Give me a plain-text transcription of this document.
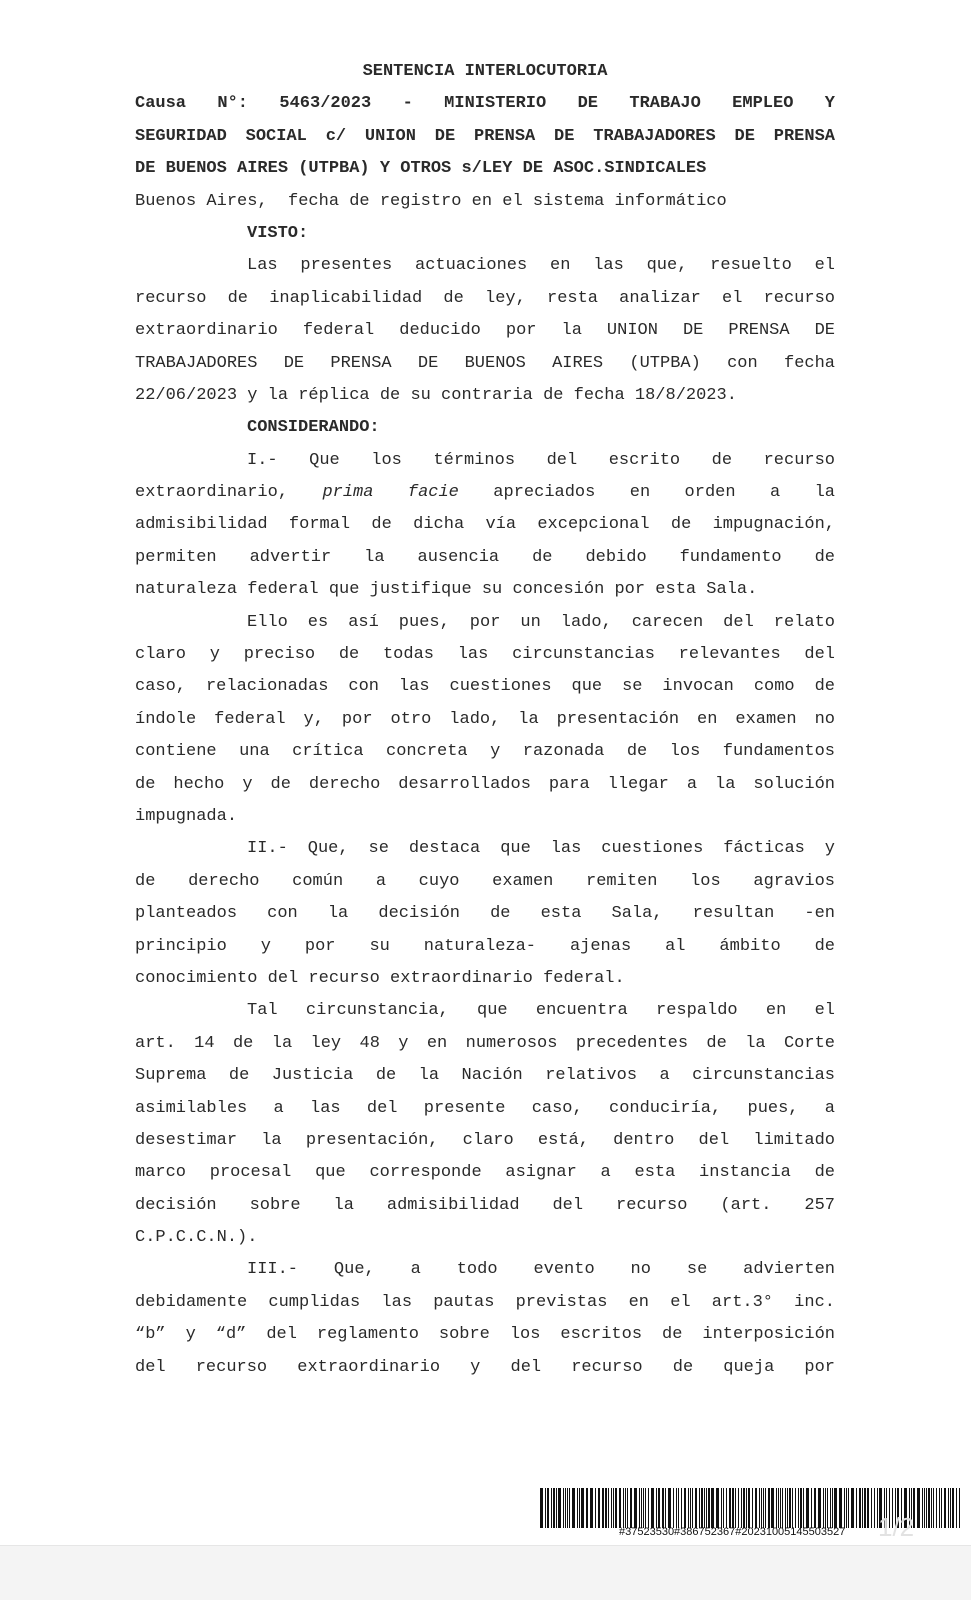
SENTENCIA INTERLOCUTORIA
Causa N°: 5463/2023 - MINISTERIO DE TRABAJO EMPLEO Y
SEGURIDAD SOCIAL c/ UNION DE PRENSA DE TRABAJADORES DE PRENSA
DE BUENOS AIRES (UTPBA) Y OTROS s/LEY DE ASOC.SINDICALES
Buenos Aires,  fecha de registro en el sistema informático
VISTO:
Las presentes actuaciones en las que, resuelto el
recurso de inaplicabilidad de ley, resta analizar el recurso
extraordinario federal deducido por la UNION DE PRENSA DE
TRABAJADORES DE PRENSA DE BUENOS AIRES (UTPBA) con fecha
22/06/2023 y la réplica de su contraria de fecha 18/8/2023.
CONSIDERANDO:
I.- Que los términos del escrito de recurso
extraordinario, prima facie apreciados en orden a la
admisibilidad formal de dicha vía excepcional de impugnación,
permiten advertir la ausencia de debido fundamento de
naturaleza federal que justifique su concesión por esta Sala.
Ello es así pues, por un lado, carecen del relato
claro y preciso de todas las circunstancias relevantes del
caso, relacionadas con las cuestiones que se invocan como de
índole federal y, por otro lado, la presentación en examen no
contiene una crítica concreta y razonada de los fundamentos
de hecho y de derecho desarrollados para llegar a la solución
impugnada.
II.- Que, se destaca que las cuestiones fácticas y
de derecho común a cuyo examen remiten los agravios
planteados con la decisión de esta Sala, resultan -en
principio y por su naturaleza- ajenas al ámbito de
conocimiento del recurso extraordinario federal.
Tal circunstancia, que encuentra respaldo en el
art. 14 de la ley 48 y en numerosos precedentes de la Corte
Suprema de Justicia de la Nación relativos a circunstancias
asimilables a las del presente caso, conduciría, pues, a
desestimar la presentación, claro está, dentro del limitado
marco procesal que corresponde asignar a esta instancia de
decisión sobre la admisibilidad del recurso (art. 257
C.P.C.C.N.).
III.- Que, a todo evento no se advierten
debidamente cumplidas las pautas previstas en el art.3° inc.
“b” y “d” del reglamento sobre los escritos de interposición
del recurso extraordinario y del recurso de queja por
#37523530#386752367#20231005145503527 1/2
